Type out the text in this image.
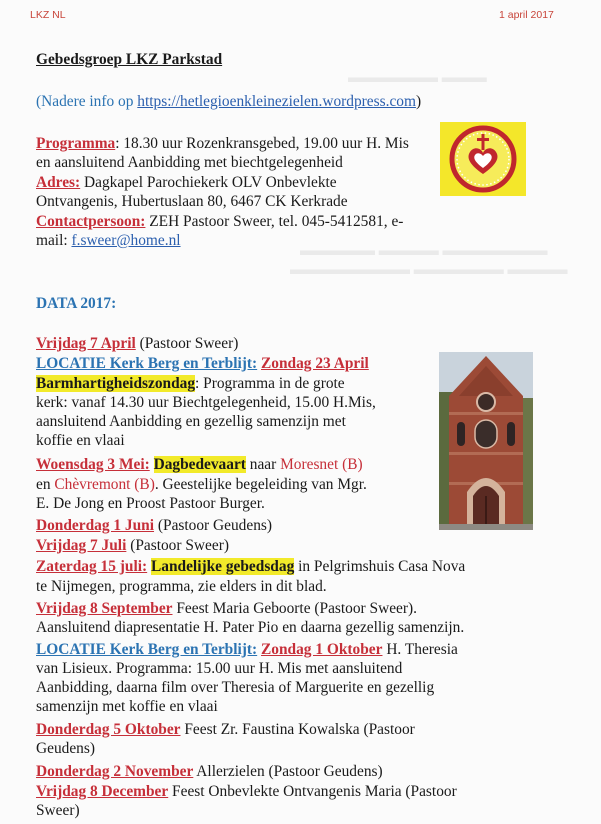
LKZ NL	1 april 2017
▬▬▬▬▬▬ ▬▬▬
▬▬▬▬▬ ▬▬▬▬ ▬▬▬▬▬▬▬
▬▬▬▬▬▬▬▬ ▬▬▬▬▬▬ ▬▬▬▬
Gebedsgroep LKZ Parkstad
(Nadere info op https://hetlegioenkleinezielen.wordpress.com)
Programma: 18.30 uur Rozenkransgebed, 19.00 uur H. Mis
en aansluitend Aanbidding met biechtgelegenheid
Adres: Dagkapel Parochiekerk OLV Onbevlekte
Ontvangenis, Hubertuslaan 80, 6467 CK Kerkrade
Contactpersoon: ZEH Pastoor Sweer, tel. 045-5412581, e-
mail: f.sweer@home.nl
DATA 2017:
Vrijdag 7 April (Pastoor Sweer)
LOCATIE Kerk Berg en Terblijt: Zondag 23 April
Barmhartigheidszondag: Programma in de grote
kerk: vanaf 14.30 uur Biechtgelegenheid, 15.00 H.Mis,
aansluitend Aanbidding en gezellig samenzijn met
koffie en vlaai
Woensdag 3 Mei: Dagbedevaart naar Moresnet (B)
en Chèvremont (B). Geestelijke begeleiding van Mgr.
E. De Jong en Proost Pastoor Burger.
Donderdag 1 Juni (Pastoor Geudens)
Vrijdag 7 Juli (Pastoor Sweer)
Zaterdag 15 juli: Landelijke gebedsdag in Pelgrimshuis Casa Nova
te Nijmegen, programma, zie elders in dit blad.
Vrijdag 8 September Feest Maria Geboorte (Pastoor Sweer).
Aansluitend diapresentatie H. Pater Pio en daarna gezellig samenzijn.
LOCATIE Kerk Berg en Terblijt: Zondag 1 Oktober H. Theresia
van Lisieux. Programma: 15.00 uur H. Mis met aansluitend
Aanbidding, daarna film over Theresia of Marguerite en gezellig
samenzijn met koffie en vlaai
Donderdag 5 Oktober Feest Zr. Faustina Kowalska (Pastoor
Geudens)
Donderdag 2 November Allerzielen (Pastoor Geudens)
Vrijdag 8 December Feest Onbevlekte Ontvangenis Maria (Pastoor
Sweer)
